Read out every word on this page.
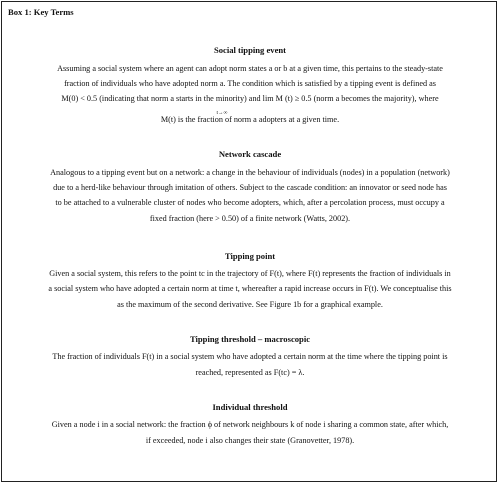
Box 1: Key Terms
Social tipping event
Assuming a social system where an agent can adopt norm states a or b at a given time, this pertains to the steady-state
fraction of individuals who have adopted norm a. The condition which is satisfied by a tipping event is defined as
M(0) < 0.5 (indicating that norm a starts in the minority) and lim M (t) ≥ 0.5 (norm a becomes the majority), where
t→∞
M(t) is the fraction of norm a adopters at a given time.
Network cascade
Analogous to a tipping event but on a network: a change in the behaviour of individuals (nodes) in a population (network)
due to a herd-like behaviour through imitation of others. Subject to the cascade condition: an innovator or seed node has
to be attached to a vulnerable cluster of nodes who become adopters, which, after a percolation process, must occupy a
fixed fraction (here > 0.50) of a finite network (Watts, 2002).
Tipping point
Given a social system, this refers to the point tc in the trajectory of F(t), where F(t) represents the fraction of individuals in
a social system who have adopted a certain norm at time t, whereafter a rapid increase occurs in F(t). We conceptualise this
as the maximum of the second derivative. See Figure 1b for a graphical example.
Tipping threshold – macroscopic
The fraction of individuals F(t) in a social system who have adopted a certain norm at the time where the tipping point is
reached, represented as F(tc) = λ.
Individual threshold
Given a node i in a social network: the fraction ϕ of network neighbours k of node i sharing a common state, after which,
if exceeded, node i also changes their state (Granovetter, 1978).
